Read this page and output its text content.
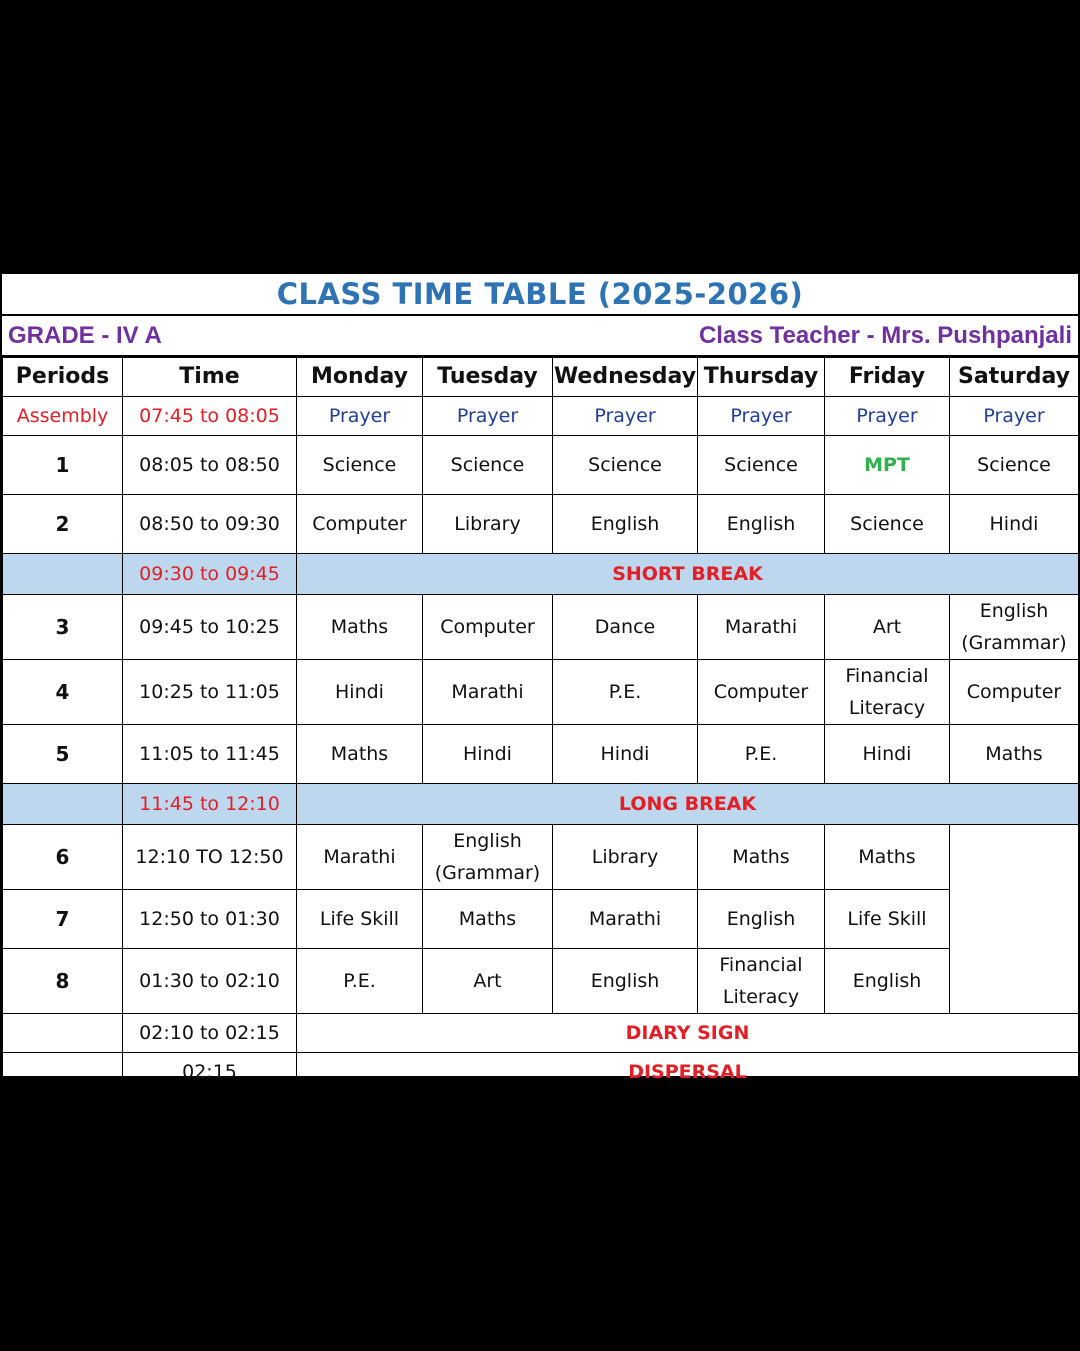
CLASS TIME TABLE (2025-2026)
GRADE - IV A	Class Teacher - Mrs. Pushpanjali
Periods	Time	Monday	Tuesday	Wednesday	Thursday	Friday	Saturday
Assembly	07:45 to 08:05	Prayer	Prayer	Prayer	Prayer	Prayer	Prayer
1	08:05 to 08:50	Science	Science	Science	Science	MPT	Science
2	08:50 to 09:30	Computer	Library	English	English	Science	Hindi
	09:30 to 09:45	SHORT BREAK					
3	09:45 to 10:25	Maths	Computer	Dance	Marathi	Art	English (Grammar)
4	10:25 to 11:05	Hindi	Marathi	P.E.	Computer	Financial Literacy	Computer
5	11:05 to 11:45	Maths	Hindi	Hindi	P.E.	Hindi	Maths
	11:45 to 12:10	LONG BREAK					
6	12:10 TO 12:50	Marathi	English (Grammar)	Library	Maths	Maths	
7	12:50 to 01:30	Life Skill	Maths	Marathi	English	Life Skill	
8	01:30 to 02:10	P.E.	Art	English	Financial Literacy	English	
	02:10 to 02:15	DIARY SIGN					
	02:15	DISPERSAL					
